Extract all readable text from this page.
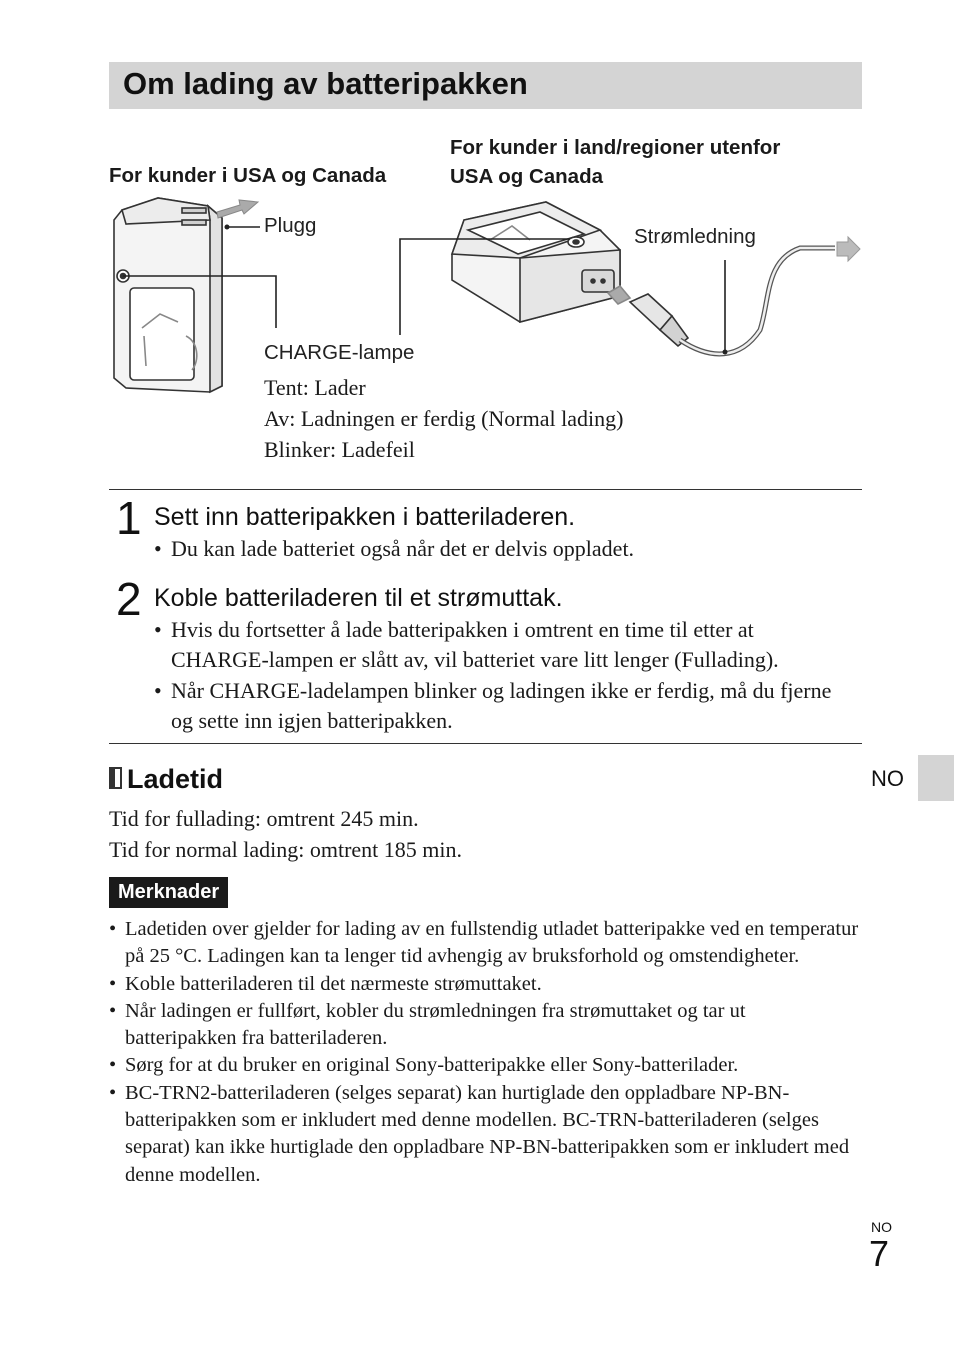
Om lading av batteripakken
For kunder i USA og Canada
For kunder i land/regioner utenfor
USA og Canada
Plugg	Strømledning
CHARGE-lampe
Tent: Lader
Av: Ladningen er ferdig (Normal lading)
Blinker: Ladefeil
1 Sett inn batteripakken i batteriladeren.
• Du kan lade batteriet også når det er delvis oppladet.
2 Koble batteriladeren til et strømuttak.
• Hvis du fortsetter å lade batteripakken i omtrent en time til etter at CHARGE-lampen er slått av, vil batteriet vare litt lenger (Fullading).
• Når CHARGE-ladelampen blinker og ladingen ikke er ferdig, må du fjerne og sette inn igjen batteripakken.
Ladetid
Tid for fullading: omtrent 245 min.
Tid for normal lading: omtrent 185 min.
Merknader
• Ladetiden over gjelder for lading av en fullstendig utladet batteripakke ved en temperatur på 25 °C. Ladingen kan ta lenger tid avhengig av bruksforhold og omstendigheter.
• Koble batteriladeren til det nærmeste strømuttaket.
• Når ladingen er fullført, kobler du strømledningen fra strømuttaket og tar ut batteripakken fra batteriladeren.
• Sørg for at du bruker en original Sony-batteripakke eller Sony-batterilader.
• BC-TRN2-batteriladeren (selges separat) kan hurtiglade den oppladbare NP-BN-batteripakken som er inkludert med denne modellen. BC-TRN-batteriladeren (selges separat) kan ikke hurtiglade den oppladbare NP-BN-batteripakken som er inkludert med denne modellen.
NO
NO
7
